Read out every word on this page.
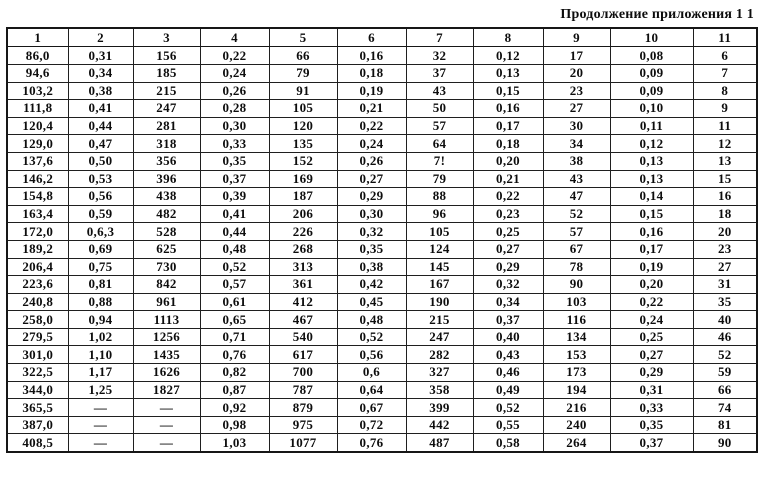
Продолжение приложения 1 1
1	2	3	4	5	6	7	8	9	10	11
86,0	0,31	156	0,22	66	0,16	32	0,12	17	0,08	6
94,6	0,34	185	0,24	79	0,18	37	0,13	20	0,09	7
103,2	0,38	215	0,26	91	0,19	43	0,15	23	0,09	8
111,8	0,41	247	0,28	105	0,21	50	0,16	27	0,10	9
120,4	0,44	281	0,30	120	0,22	57	0,17	30	0,11	11
129,0	0,47	318	0,33	135	0,24	64	0,18	34	0,12	12
137,6	0,50	356	0,35	152	0,26	7!	0,20	38	0,13	13
146,2	0,53	396	0,37	169	0,27	79	0,21	43	0,13	15
154,8	0,56	438	0,39	187	0,29	88	0,22	47	0,14	16
163,4	0,59	482	0,41	206	0,30	96	0,23	52	0,15	18
172,0	0,6,3	528	0,44	226	0,32	105	0,25	57	0,16	20
189,2	0,69	625	0,48	268	0,35	124	0,27	67	0,17	23
206,4	0,75	730	0,52	313	0,38	145	0,29	78	0,19	27
223,6	0,81	842	0,57	361	0,42	167	0,32	90	0,20	31
240,8	0,88	961	0,61	412	0,45	190	0,34	103	0,22	35
258,0	0,94	1113	0,65	467	0,48	215	0,37	116	0,24	40
279,5	1,02	1256	0,71	540	0,52	247	0,40	134	0,25	46
301,0	1,10	1435	0,76	617	0,56	282	0,43	153	0,27	52
322,5	1,17	1626	0,82	700	0,6	327	0,46	173	0,29	59
344,0	1,25	1827	0,87	787	0,64	358	0,49	194	0,31	66
365,5	—	—	0,92	879	0,67	399	0,52	216	0,33	74
387,0	—	—	0,98	975	0,72	442	0,55	240	0,35	81
408,5	—	—	1,03	1077	0,76	487	0,58	264	0,37	90
